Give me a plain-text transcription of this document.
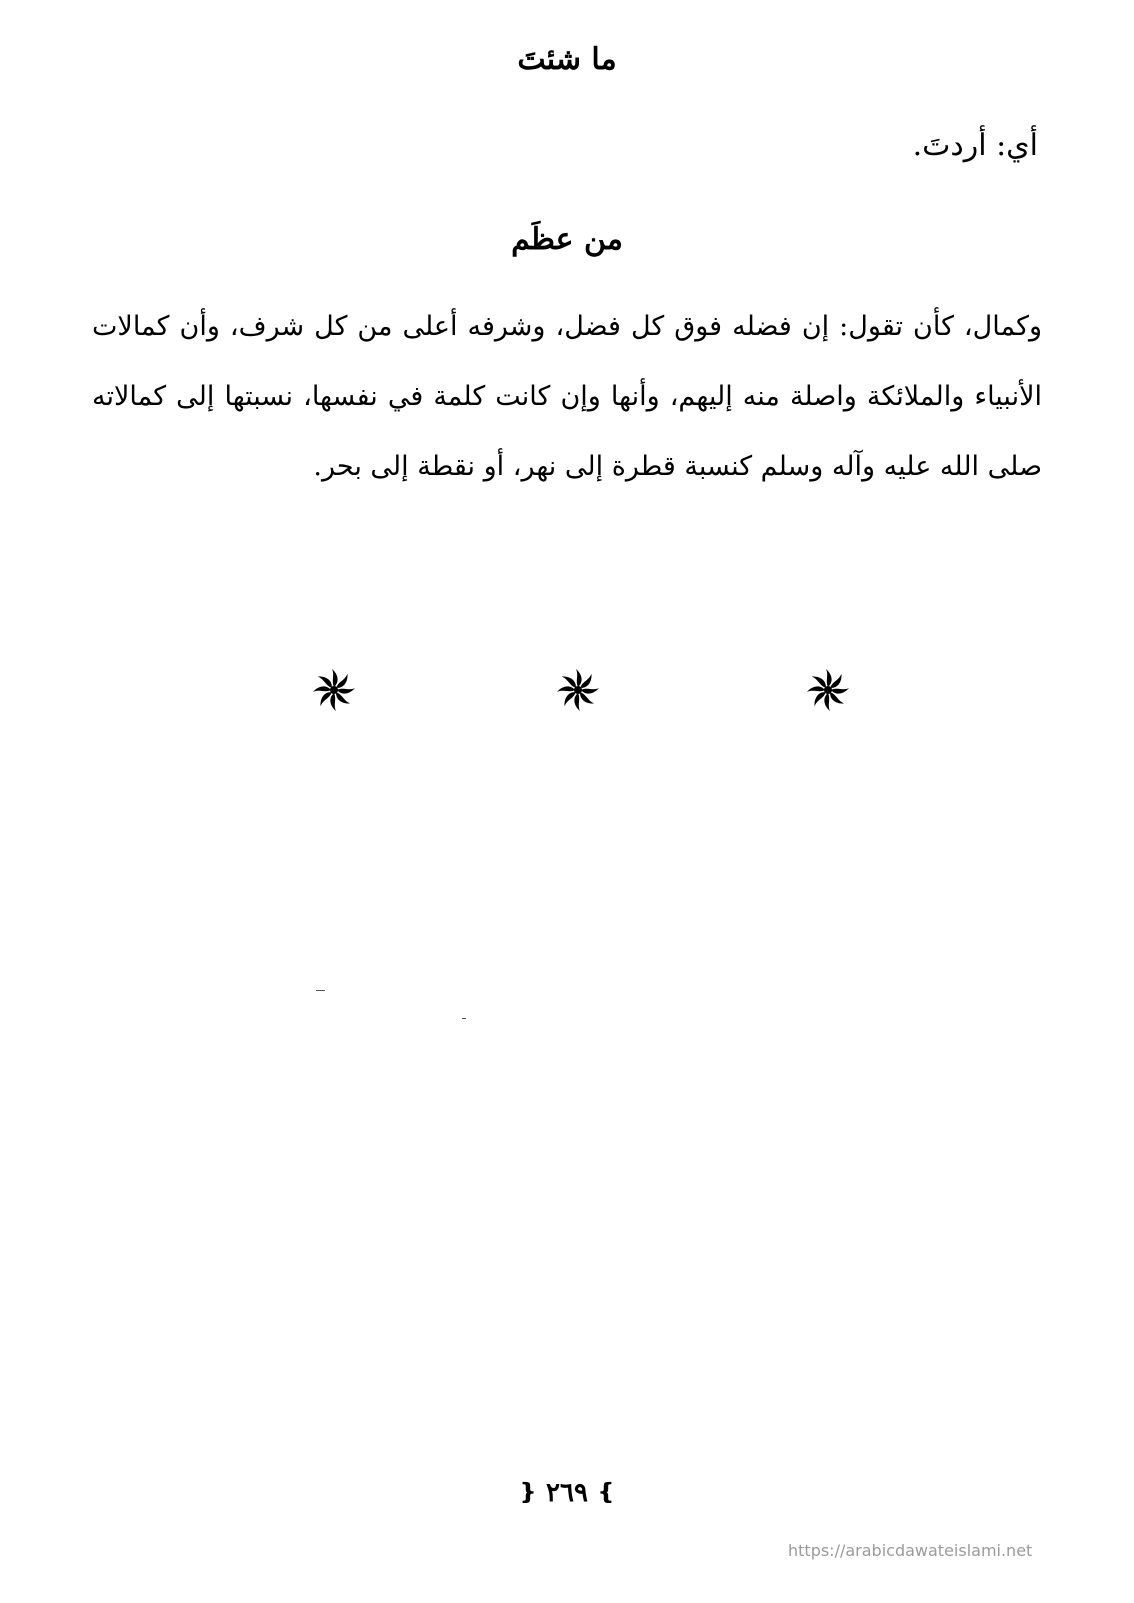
ما شئتَ
أي: أردتَ.
من عظَم
وكمال، كأن تقول: إن فضله فوق كل فضل، وشرفه أعلى من كل شرف، وأن كمالات الأنبياء والملائكة واصلة منه إليهم، وأنها وإن كانت كلمة في نفسها، نسبتها إلى كمالاته صلى الله عليه وآله وسلم كنسبة قطرة إلى نهر، أو نقطة إلى بحر.
❵ ٢٦٩ ❴
https://arabicdawateislami.net
